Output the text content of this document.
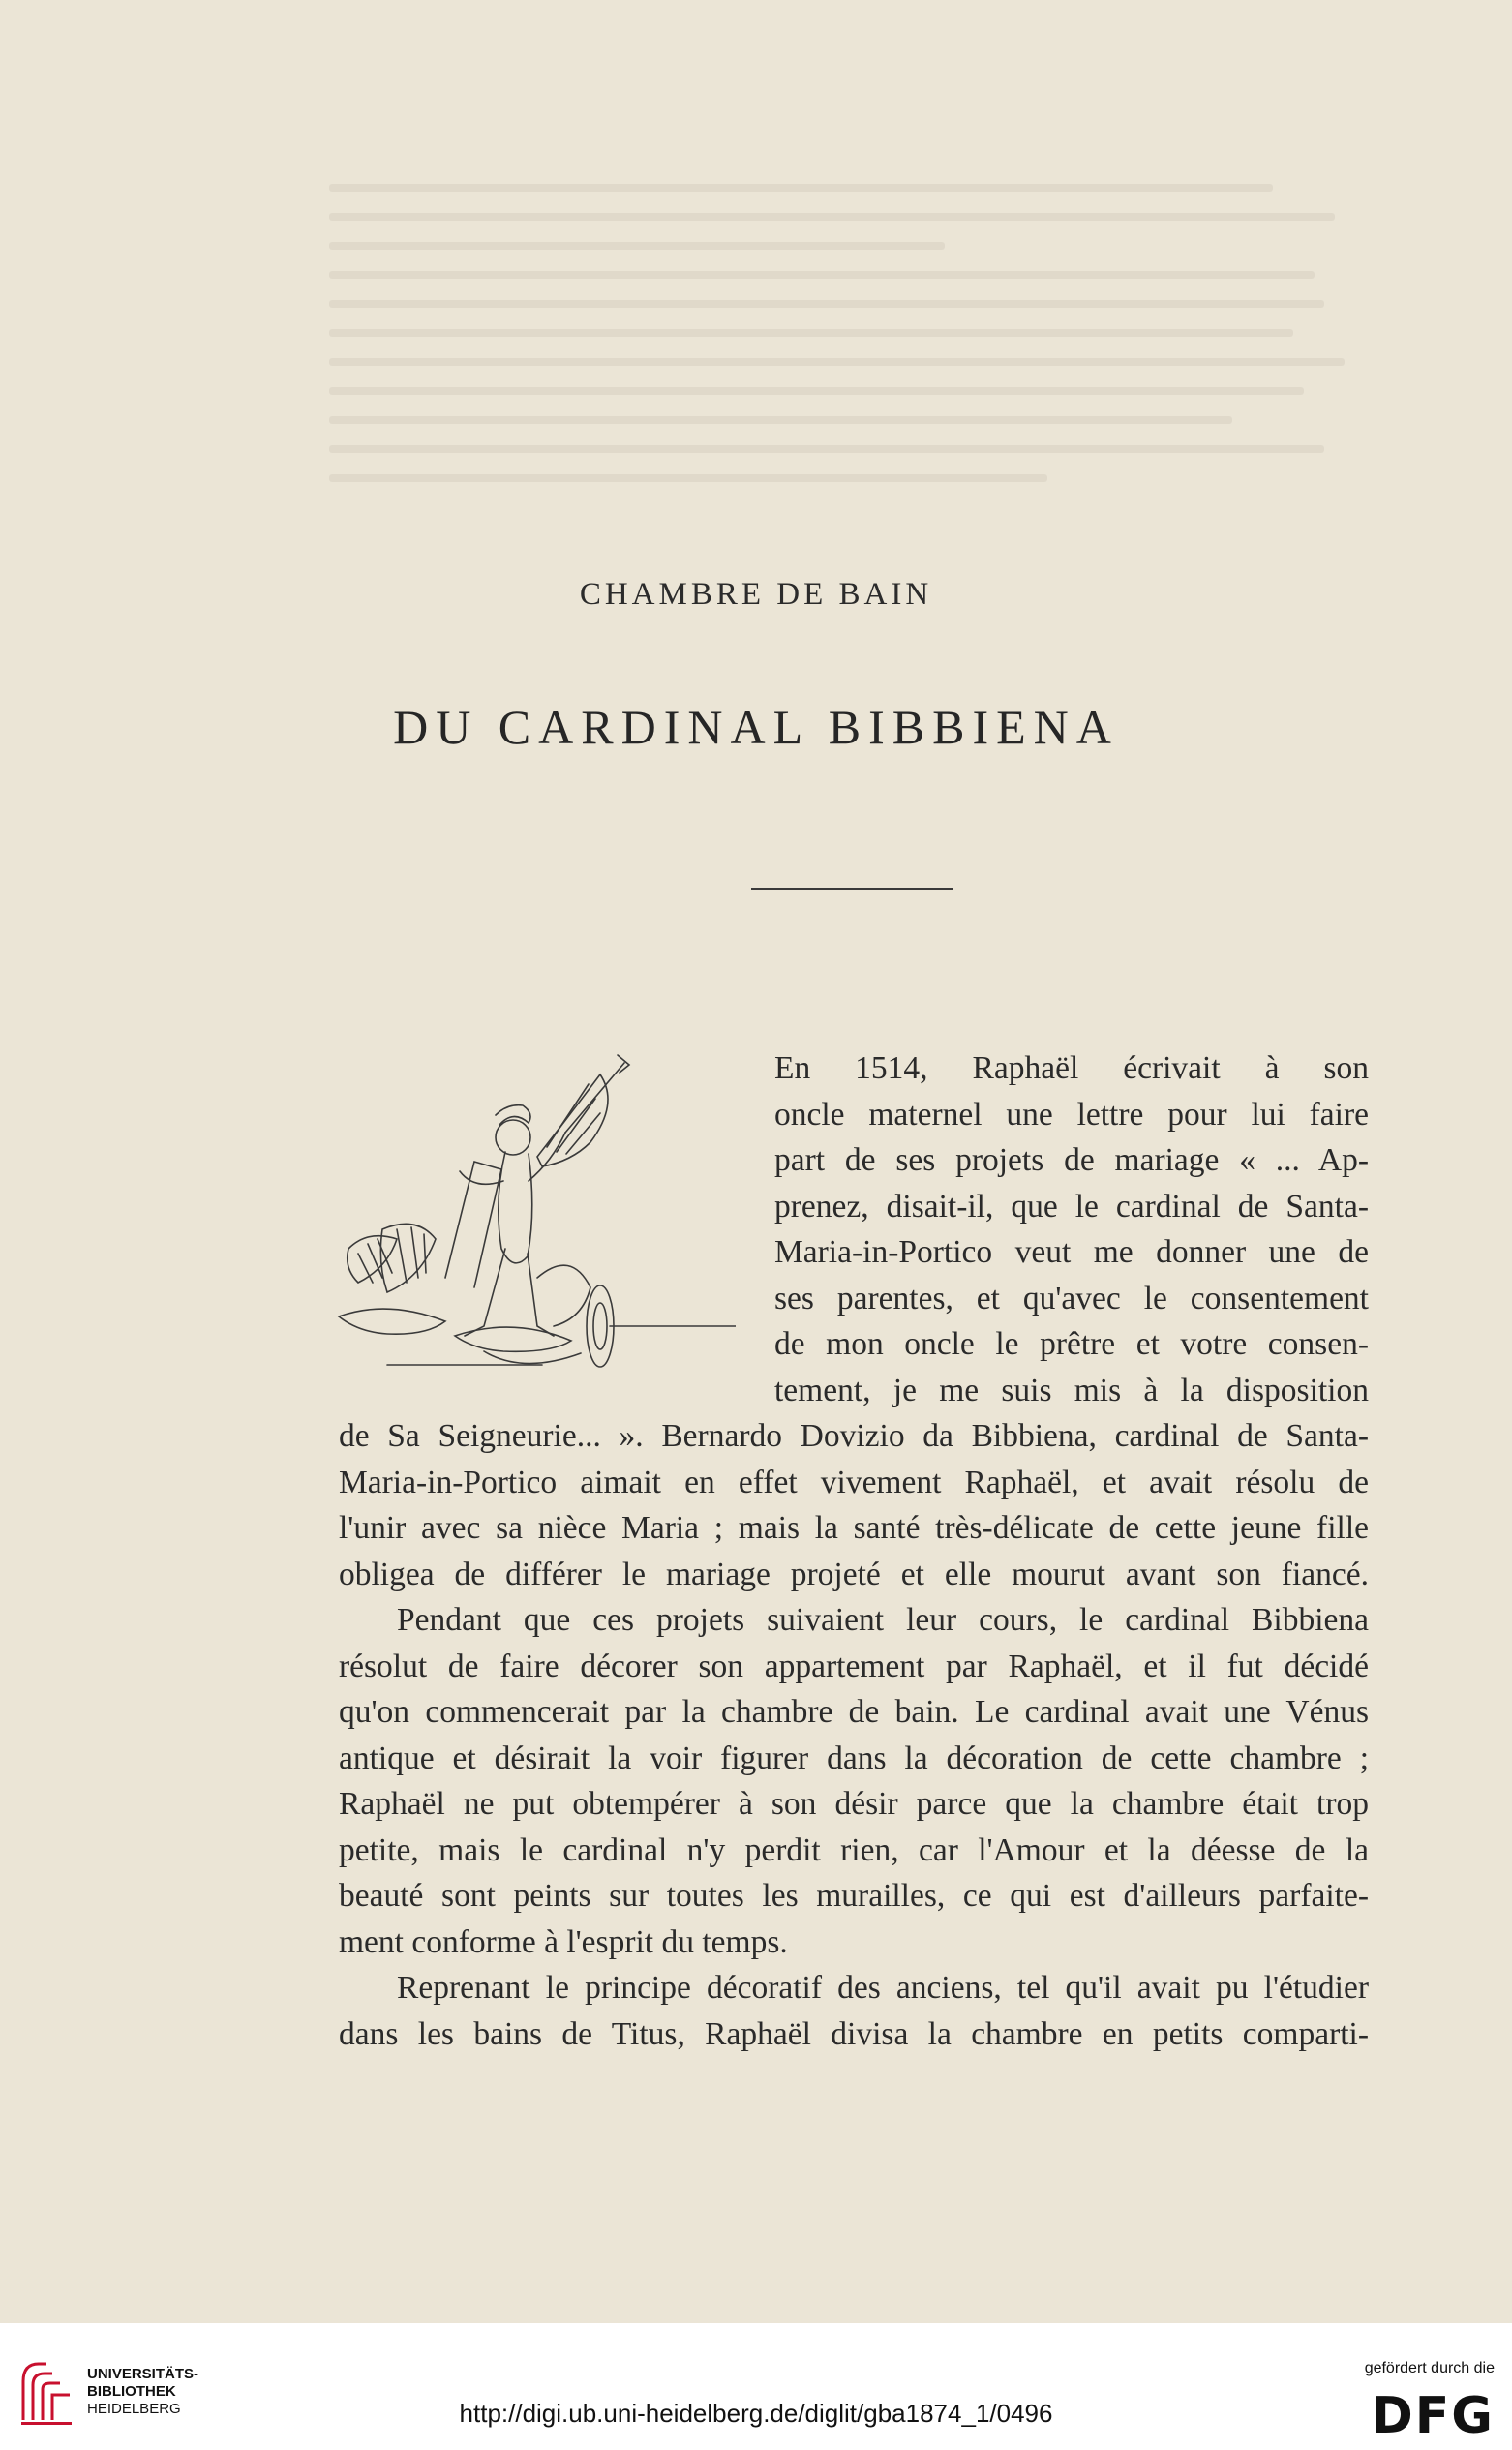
CHAMBRE DE BAIN
DU CARDINAL BIBBIENA
En 1514, Raphaël écrivait à son
oncle maternel une lettre pour lui faire
part de ses projets de mariage « ... Ap-
prenez, disait-il, que le cardinal de Santa-
Maria-in-Portico veut me donner une de
ses parentes, et qu'avec le consentement
de mon oncle le prêtre et votre consen-
tement, je me suis mis à la disposition
de Sa Seigneurie... ». Bernardo Dovizio da Bibbiena, cardinal de Santa-
Maria-in-Portico aimait en effet vivement Raphaël, et avait résolu de
l'unir avec sa nièce Maria ; mais la santé très-délicate de cette jeune fille
obligea de différer le mariage projeté et elle mourut avant son fiancé.
Pendant que ces projets suivaient leur cours, le cardinal Bibbiena
résolut de faire décorer son appartement par Raphaël, et il fut décidé
qu'on commencerait par la chambre de bain. Le cardinal avait une Vénus
antique et désirait la voir figurer dans la décoration de cette chambre ;
Raphaël ne put obtempérer à son désir parce que la chambre était trop
petite, mais le cardinal n'y perdit rien, car l'Amour et la déesse de la
beauté sont peints sur toutes les murailles, ce qui est d'ailleurs parfaite-
ment conforme à l'esprit du temps.
Reprenant le principe décoratif des anciens, tel qu'il avait pu l'étudier
dans les bains de Titus, Raphaël divisa la chambre en petits comparti-
UNIVERSITÄTS-
BIBLIOTHEK
HEIDELBERG	http://digi.ub.uni-heidelberg.de/diglit/gba1874_1/0496
gefördert durch die
DFG
